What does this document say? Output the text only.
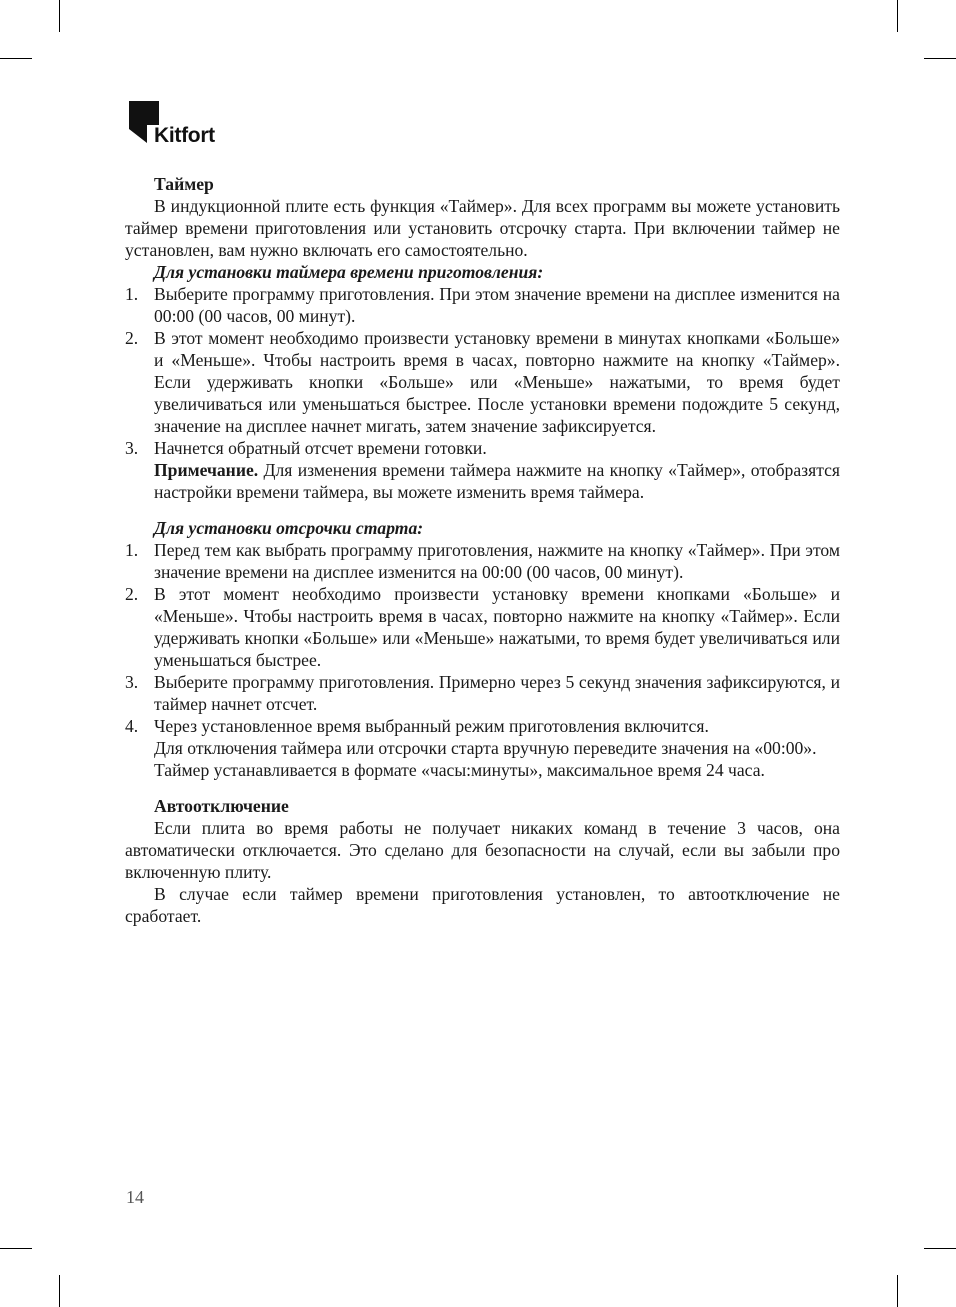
Kitfort

Таймер

В индукционной плите есть функция «Таймер». Для всех программ вы можете установить таймер времени приготовления или установить отсрочку старта. При включении таймер не установлен, вам нужно включать его самостоятельно.

Для установки таймера времени приготовления:

1. Выберите программу приготовления. При этом значение времени на дисплее изменится на 00:00 (00 часов, 00 минут).
2. В этот момент необходимо произвести установку времени в минутах кнопками «Больше» и «Меньше». Чтобы настроить время в часах, повторно нажмите на кнопку «Таймер». Если удерживать кнопки «Больше» или «Меньше» нажатыми, то время будет увеличиваться или уменьшаться быстрее. После установки времени подождите 5 секунд, значение на дисплее начнет мигать, затем значение зафиксируется.
3. Начнется обратный отсчет времени готовки.

Примечание. Для изменения времени таймера нажмите на кнопку «Таймер», отобразятся настройки времени таймера, вы можете изменить время таймера.

Для установки отсрочки старта:

1. Перед тем как выбрать программу приготовления, нажмите на кнопку «Таймер». При этом значение времени на дисплее изменится на 00:00 (00 часов, 00 минут).
2. В этот момент необходимо произвести установку времени кнопками «Больше» и «Меньше». Чтобы настроить время в часах, повторно нажмите на кнопку «Таймер». Если удерживать кнопки «Больше» или «Меньше» нажатыми, то время будет увеличиваться или уменьшаться быстрее.
3. Выберите программу приготовления. Примерно через 5 секунд значения зафиксируются, и таймер начнет отсчет.
4. Через установленное время выбранный режим приготовления включится.

Для отключения таймера или отсрочки старта вручную переведите значения на «00:00».

Таймер устанавливается в формате «часы:минуты», максимальное время 24 часа.

Автоотключение

Если плита во время работы не получает никаких команд в течение 3 часов, она автоматически отключается. Это сделано для безопасности на случай, если вы забыли про включенную плиту.

В случае если таймер времени приготовления установлен, то автоотключение не сработает.

14
